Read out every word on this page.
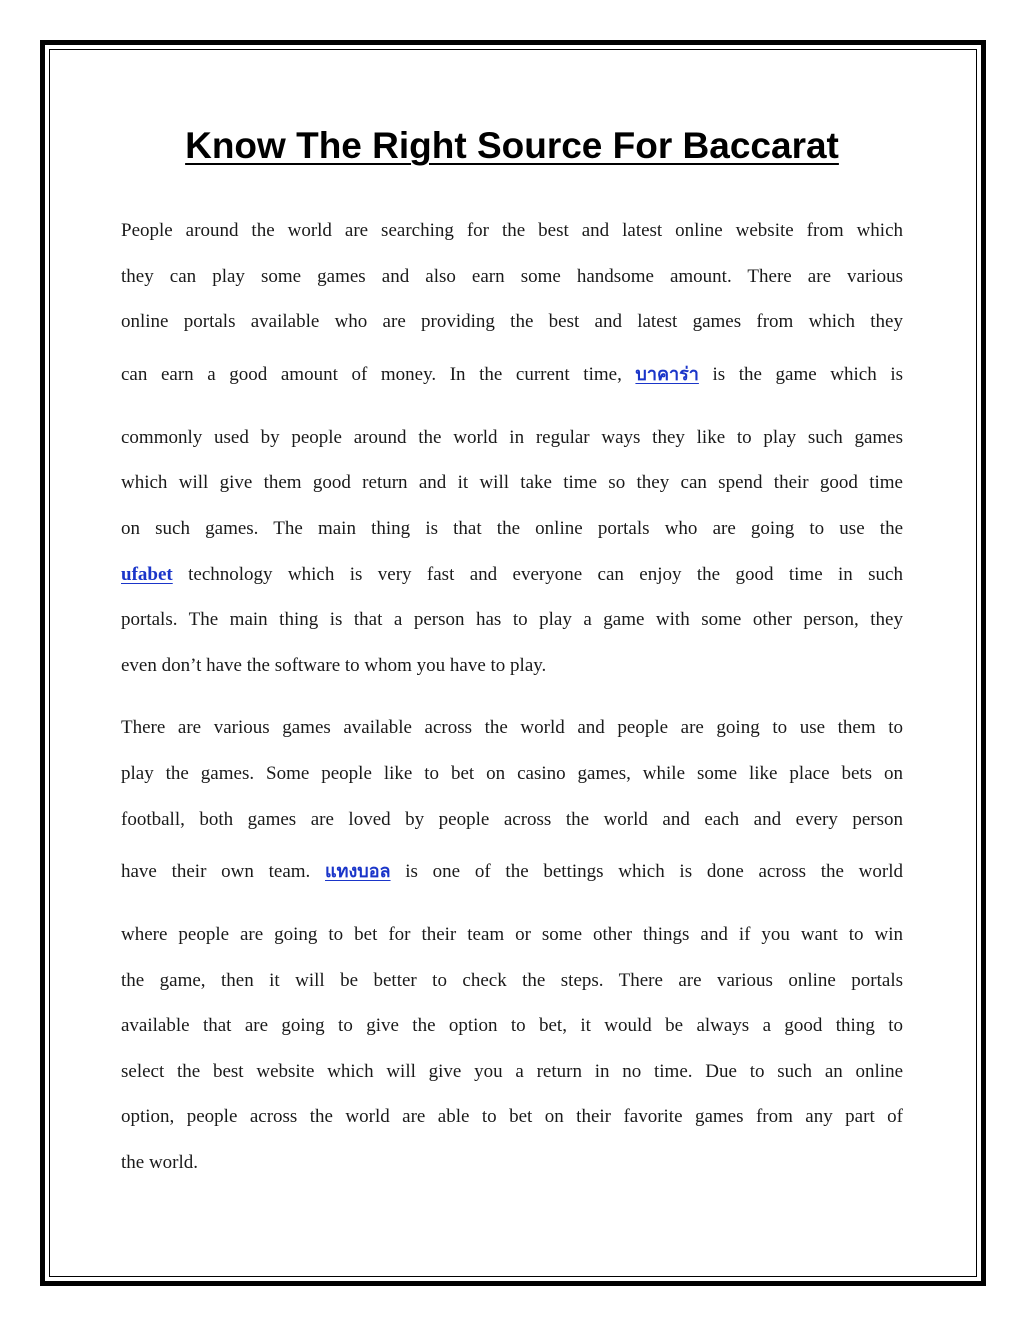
Know The Right Source For Baccarat

People around the world are searching for the best and latest online website from which

they can play some games and also earn some handsome amount. There are various

online portals available who are providing the best and latest games from which they

can earn a good amount of money. In the current time, บาคาร่า is the game which is

commonly used by people around the world in regular ways they like to play such games

which will give them good return and it will take time so they can spend their good time

on such games. The main thing is that the online portals who are going to use the

ufabet technology which is very fast and everyone can enjoy the good time in such

portals. The main thing is that a person has to play a game with some other person, they

even don’t have the software to whom you have to play.

There are various games available across the world and people are going to use them to

play the games. Some people like to bet on casino games, while some like place bets on

football, both games are loved by people across the world and each and every person

have their own team. แทงบอล is one of the bettings which is done across the world

where people are going to bet for their team or some other things and if you want to win

the game, then it will be better to check the steps. There are various online portals

available that are going to give the option to bet, it would be always a good thing to

select the best website which will give you a return in no time. Due to such an online

option, people across the world are able to bet on their favorite games from any part of

the world.
